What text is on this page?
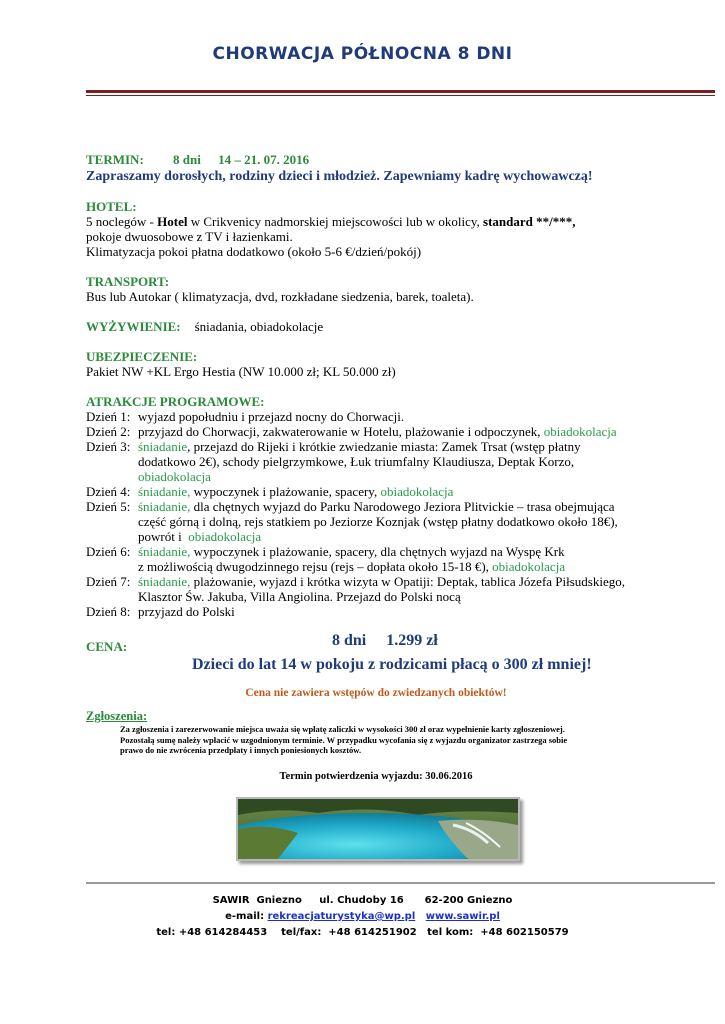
CHORWACJA PÓŁNOCNA 8 DNI
TERMIN: 8 dni 14 – 21. 07. 2016
Zapraszamy dorosłych, rodziny dzieci i młodzież. Zapewniamy kadrę wychowawczą!
HOTEL:
5 noclegów - Hotel w Crikvenicy nadmorskiej miejscowości lub w okolicy, standard **/***,
pokoje dwuosobowe z TV i łazienkami.
Klimatyzacja pokoi płatna dodatkowo (około 5-6 €/dzień/pokój)
TRANSPORT:
Bus lub Autokar ( klimatyzacja, dvd, rozkładane siedzenia, barek, toaleta).
WYŻYWIENIE: śniadania, obiadokolacje
UBEZPIECZENIE:
Pakiet NW +KL Ergo Hestia (NW 10.000 zł; KL 50.000 zł)
ATRAKCJE PROGRAMOWE:
Dzień 1: wyjazd popołudniu i przejazd nocny do Chorwacji.
Dzień 2: przyjazd do Chorwacji, zakwaterowanie w Hotelu, plażowanie i odpoczynek, obiadokolacja
Dzień 3: śniadanie, przejazd do Rijeki i krótkie zwiedzanie miasta: Zamek Trsat (wstęp płatny
dodatkowo 2€), schody pielgrzymkowe, Łuk triumfalny Klaudiusza, Deptak Korzo,
obiadokolacja
Dzień 4: śniadanie, wypoczynek i plażowanie, spacery, obiadokolacja
Dzień 5: śniadanie, dla chętnych wyjazd do Parku Narodowego Jeziora Plitvickie – trasa obejmująca
część górną i dolną, rejs statkiem po Jeziorze Koznjak (wstęp płatny dodatkowo około 18€),
powrót i  obiadokolacja
Dzień 6: śniadanie, wypoczynek i plażowanie, spacery, dla chętnych wyjazd na Wyspę Krk
z możliwością dwugodzinnego rejsu (rejs – dopłata około 15-18 €), obiadokolacja
Dzień 7: śniadanie, plażowanie, wyjazd i krótka wizyta w Opatiji: Deptak, tablica Józefa Piłsudskiego,
Klasztor Św. Jakuba, Villa Angiolina. Przejazd do Polski nocą
Dzień 8: przyjazd do Polski
CENA:	8 dni     1.299 zł
Dzieci do lat 14 w pokoju z rodzicami płacą o 300 zł mniej!
Cena nie zawiera wstępów do zwiedzanych obiektów!
Zgłoszenia:
Za zgłoszenia i zarezerwowanie miejsca uważa się wpłatę zaliczki w wysokości 300 zł oraz wypełnienie karty zgłoszeniowej.
Pozostałą sumę należy wpłacić w uzgodnionym terminie. W przypadku wycofania się z wyjazdu organizator zastrzega sobie
prawo do nie zwrócenia przedpłaty i innych poniesionych kosztów.
Termin potwierdzenia wyjazdu: 30.06.2016
SAWIR  Gniezno     ul. Chudoby 16      62-200 Gniezno
e-mail: rekreacjaturystyka@wp.pl www.sawir.pl
tel: +48 614284453    tel/fax:  +48 614251902   tel kom:  +48 602150579
